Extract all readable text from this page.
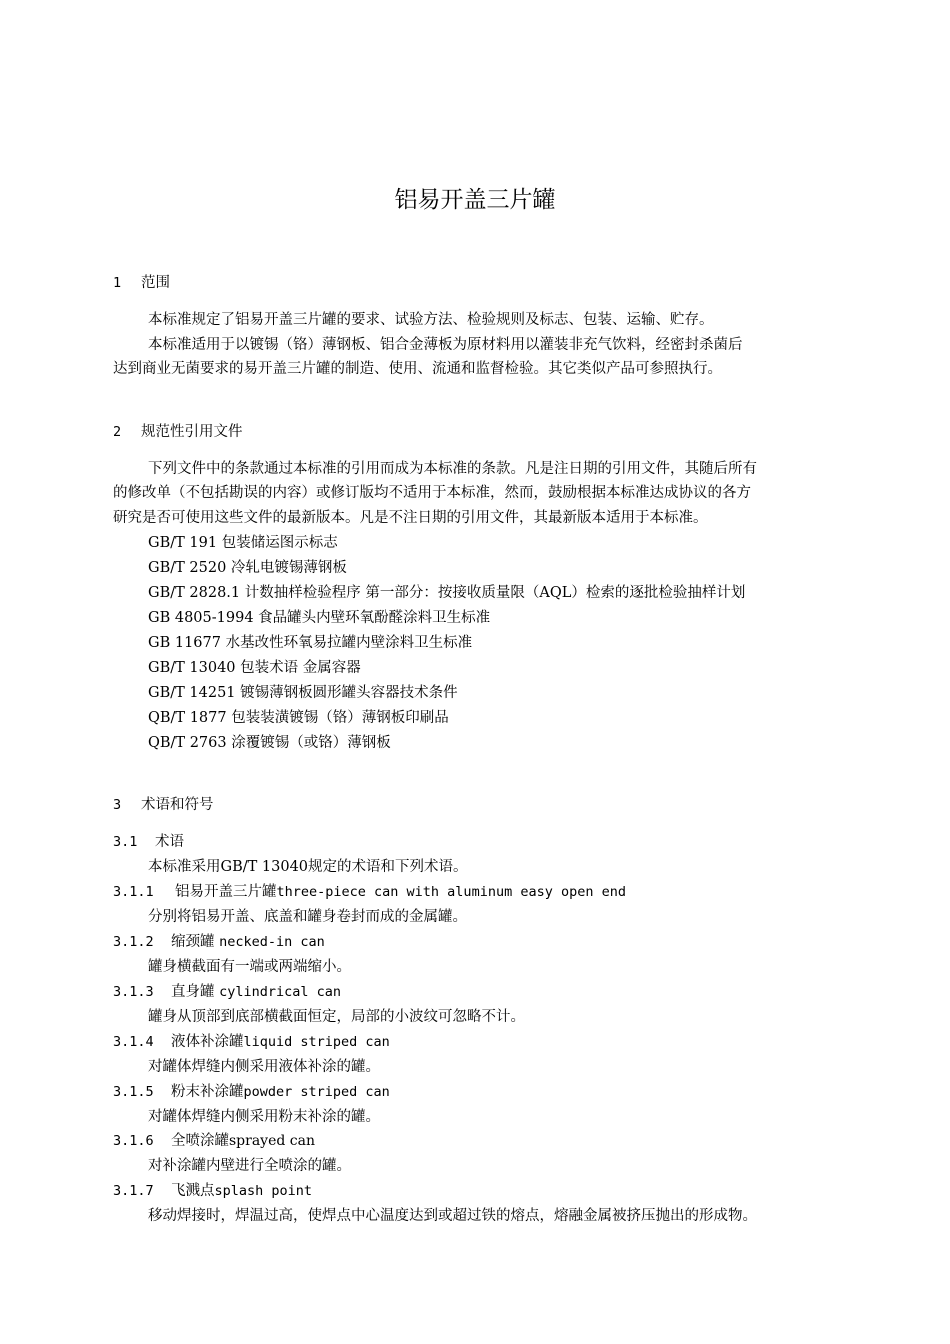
铝易开盖三片罐
1 范围
本标准规定了铝易开盖三片罐的要求、试验方法、检验规则及标志、包装、运输、贮存。
本标准适用于以镀锡（铬）薄钢板、铝合金薄板为原材料用以灌装非充气饮料，经密封杀菌后
达到商业无菌要求的易开盖三片罐的制造、使用、流通和监督检验。其它类似产品可参照执行。
2 规范性引用文件
下列文件中的条款通过本标准的引用而成为本标准的条款。凡是注日期的引用文件，其随后所有
的修改单（不包括勘误的内容）或修订版均不适用于本标准，然而，鼓励根据本标准达成协议的各方
研究是否可使用这些文件的最新版本。凡是不注日期的引用文件，其最新版本适用于本标准。
GB/T 191 包装储运图示标志
GB/T 2520 冷轧电镀锡薄钢板
GB/T 2828.1 计数抽样检验程序 第一部分：按接收质量限（AQL）检索的逐批检验抽样计划
GB 4805-1994 食品罐头内壁环氧酚醛涂料卫生标准
GB 11677 水基改性环氧易拉罐内壁涂料卫生标准
GB/T 13040 包装术语 金属容器
GB/T 14251 镀锡薄钢板圆形罐头容器技术条件
QB/T 1877 包装装潢镀锡（铬）薄钢板印刷品
QB/T 2763 涂覆镀锡（或铬）薄钢板
3 术语和符号
3.1 术语
本标准采用GB/T 13040规定的术语和下列术语。
3.1.1 铝易开盖三片罐three-piece can with aluminum easy open end
分别将铝易开盖、底盖和罐身卷封而成的金属罐。
3.1.2 缩颈罐 necked-in can
罐身横截面有一端或两端缩小。
3.1.3 直身罐 cylindrical can
罐身从顶部到底部横截面恒定，局部的小波纹可忽略不计。
3.1.4 液体补涂罐liquid striped can
对罐体焊缝内侧采用液体补涂的罐。
3.1.5 粉末补涂罐powder striped can
对罐体焊缝内侧采用粉末补涂的罐。
3.1.6 全喷涂罐sprayed can
对补涂罐内壁进行全喷涂的罐。
3.1.7 飞溅点splash point
移动焊接时，焊温过高，使焊点中心温度达到或超过铁的熔点，熔融金属被挤压抛出的形成物。
